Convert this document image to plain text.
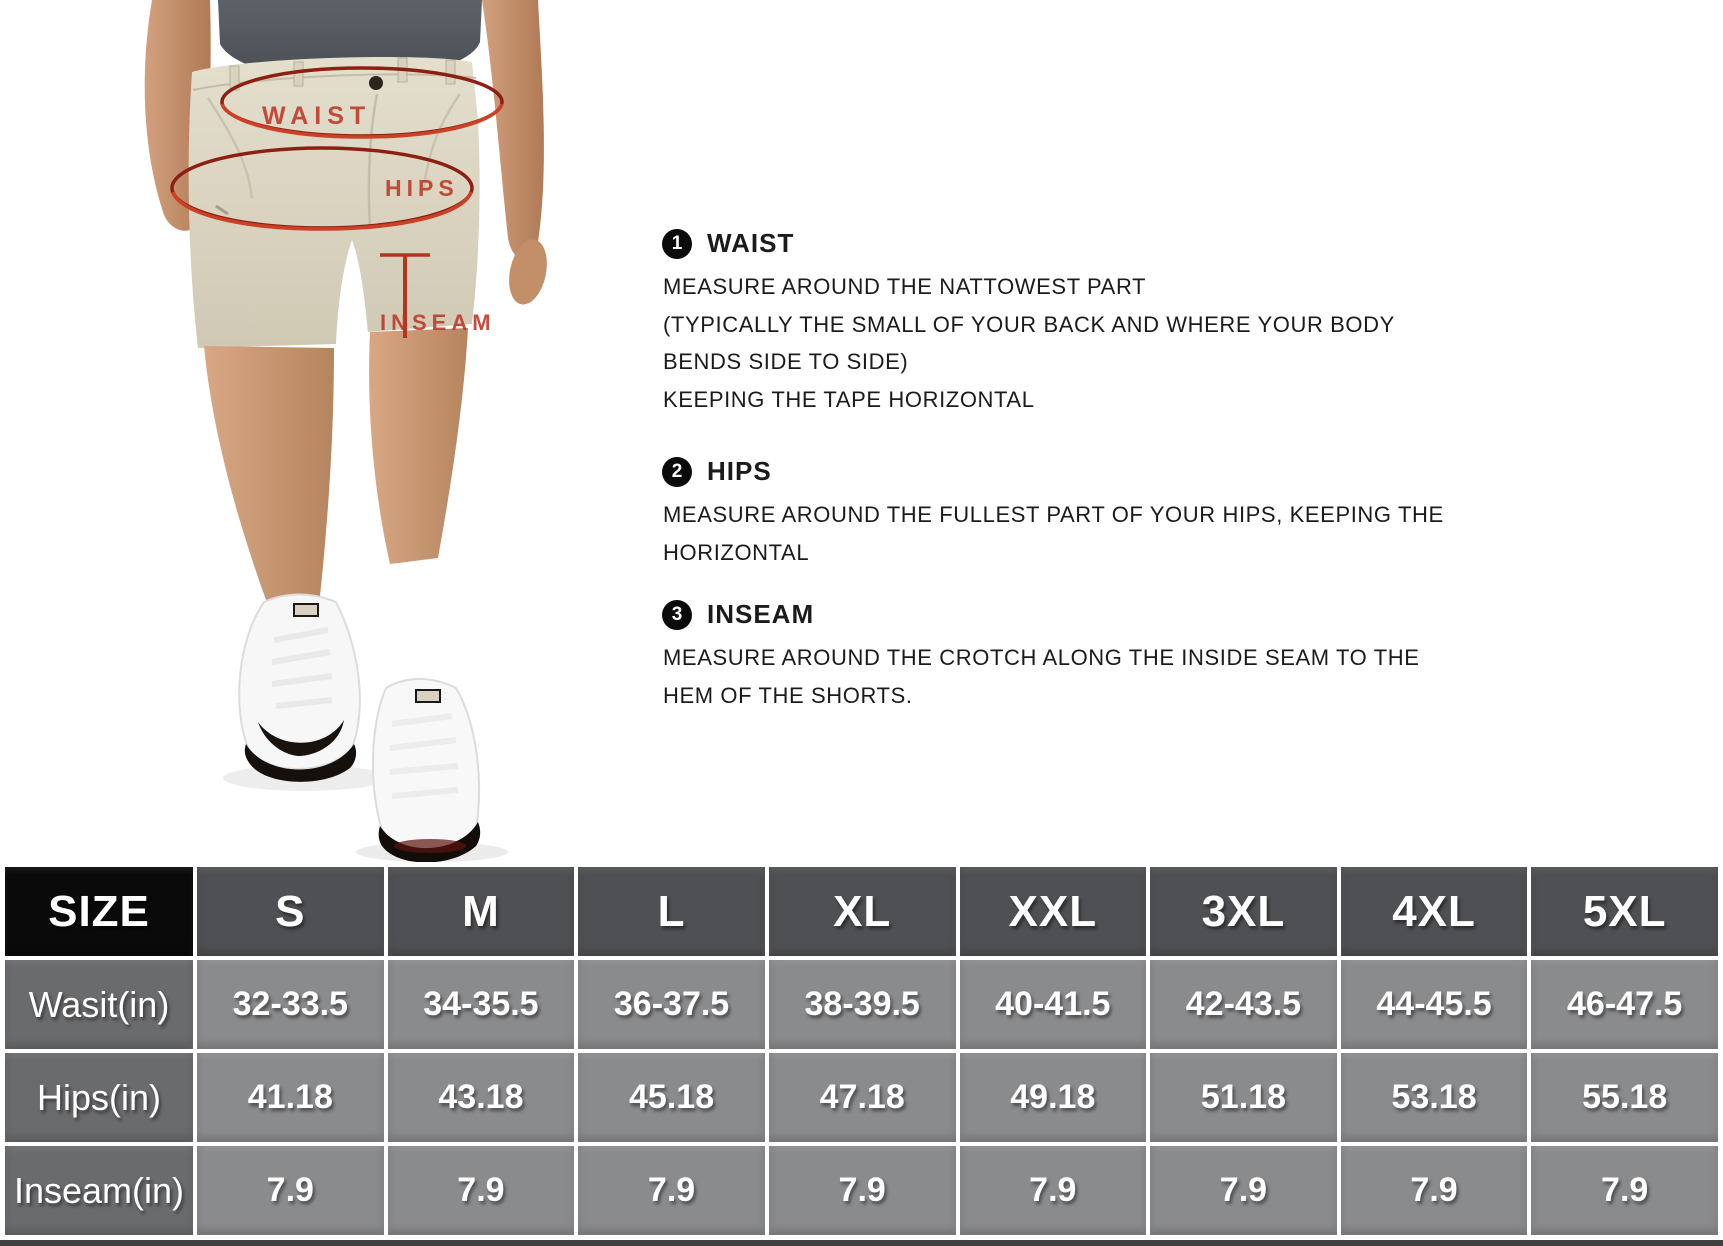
WAIST
HIPS
INSEAM
1 WAIST
MEASURE AROUND THE NATTOWEST PART
(TYPICALLY THE SMALL OF YOUR BACK AND WHERE YOUR BODY
BENDS SIDE TO SIDE)
KEEPING THE TAPE HORIZONTAL
2 HIPS
MEASURE AROUND THE FULLEST PART OF YOUR HIPS, KEEPING THE
HORIZONTAL
3 INSEAM
MEASURE AROUND THE CROTCH ALONG THE INSIDE SEAM TO THE
HEM OF THE SHORTS.
SIZE	S	M	L	XL	XXL	3XL	4XL	5XL
Wasit(in)	32-33.5	34-35.5	36-37.5	38-39.5	40-41.5	42-43.5	44-45.5	46-47.5
Hips(in)	41.18	43.18	45.18	47.18	49.18	51.18	53.18	55.18
Inseam(in)	7.9	7.9	7.9	7.9	7.9	7.9	7.9	7.9
